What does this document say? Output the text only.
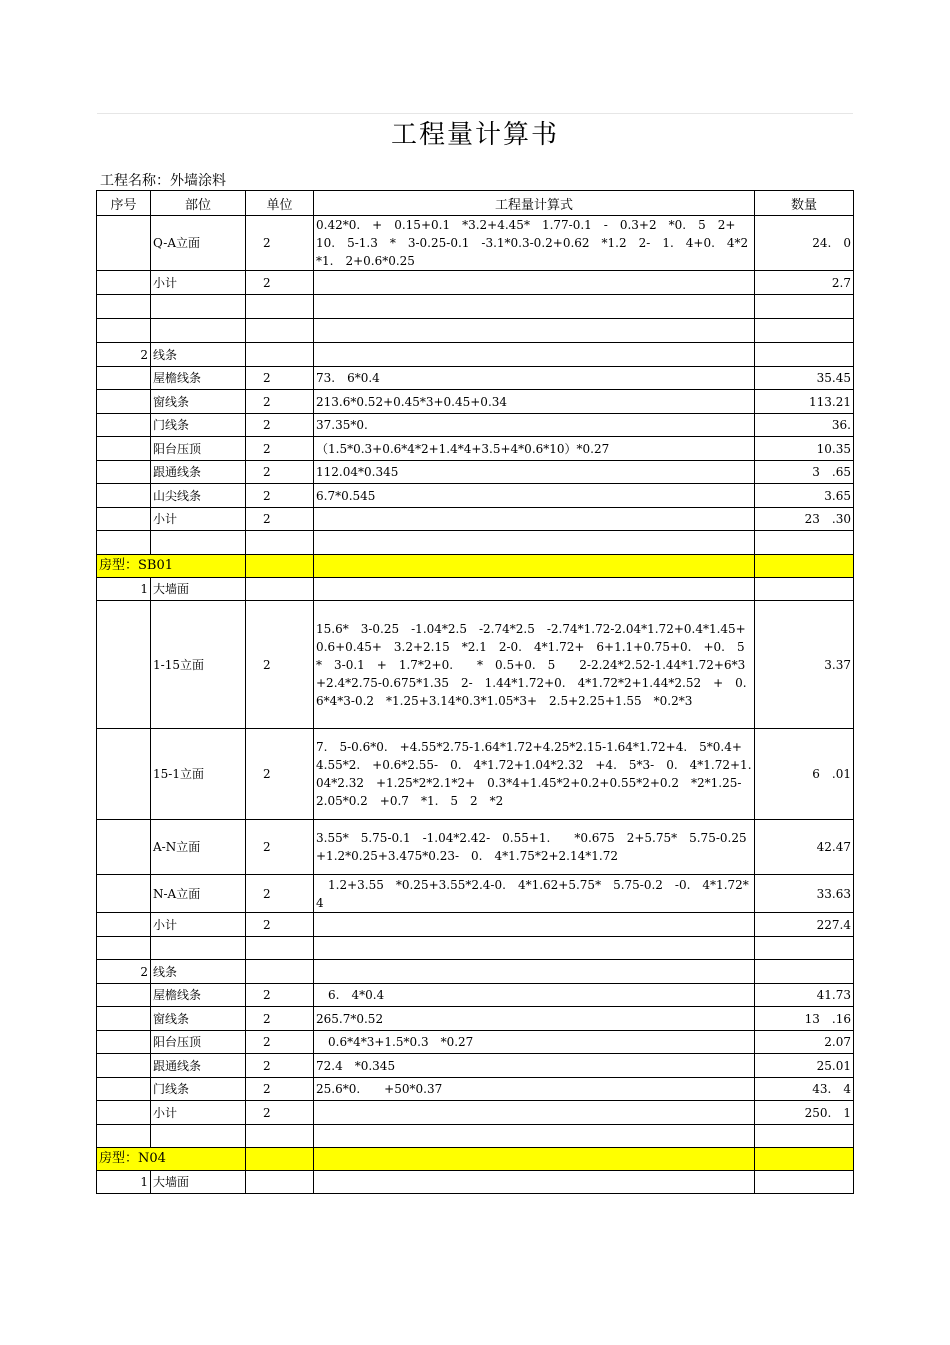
工程量计算书
工程名称：外墙涂料
序号	部位	单位	工程量计算式	数量
	Q-A立面	2	0.42*0.　+　0.15+0.1　*3.2+4.45*　1.77-0.1　-　0.3+2　*0.　5　2+　10.　5-1.3　*　3-0.25-0.1　-3.1*0.3-0.2+0.62　*1.2　2-　1.　4+0.　4*2　*1.　2+0.6*0.25	24.　0
	小计	2		2.7

2	线条			
	屋檐线条	2	73.　6*0.4	35.45
	窗线条	2	213.6*0.52+0.45*3+0.45+0.34	113.21
	门线条	2	37.35*0.	36.
	阳台压顶	2	（1.5*0.3+0.6*4*2+1.4*4+3.5+4*0.6*10）*0.27	10.35
	跟通线条	2	112.04*0.345	3　.65
	山尖线条	2	6.7*0.545	3.65
	小计	2		23　.30

房型：SB01				
1	大墙面			
	1-15立面	2	15.6*　3-0.25　-1.04*2.5　-2.74*2.5　-2.74*1.72-2.04*1.72+0.4*1.45+0.6+0.45+　3.2+2.15　*2.1　2-0.　4*1.72+　6+1.1+0.75+0.　+0.　5　*　3-0.1　+　1.7*2+0.　　*　0.5+0.　5　　2-2.24*2.52-1.44*1.72+6*3+2.4*2.75-0.675*1.35　2-　1.44*1.72+0.　4*1.72*2+1.44*2.52　+　0.6*4*3-0.2　*1.25+3.14*0.3*1.05*3+　2.5+2.25+1.55　*0.2*3	3.37
	15-1立面	2	7.　5-0.6*0.　+4.55*2.75-1.64*1.72+4.25*2.15-1.64*1.72+4.　5*0.4+4.55*2.　+0.6*2.55-　0.　4*1.72+1.04*2.32　+4.　5*3-　0.　4*1.72+1.04*2.32　+1.25*2*2.1*2+　0.3*4+1.45*2+0.2+0.55*2+0.2　*2*1.25-　2.05*0.2　+0.7　*1.　5　2　*2	6　.01
	A-N立面	2	3.55*　5.75-0.1　-1.04*2.42-　0.55+1.　　*0.675　2+5.75*　5.75-0.25　+1.2*0.25+3.475*0.23-　0.　4*1.75*2+2.14*1.72	42.47
	N-A立面	2	　1.2+3.55　*0.25+3.55*2.4-0.　4*1.62+5.75*　5.75-0.2　-0.　4*1.72*4	33.63
	小计	2		227.4

2	线条			
	屋檐线条	2	　6.　4*0.4	41.73
	窗线条	2	265.7*0.52	13　.16
	阳台压顶	2	　0.6*4*3+1.5*0.3　*0.27	2.07
	跟通线条	2	72.4　*0.345	25.01
	门线条	2	25.6*0.　　+50*0.37	43.　4
	小计	2		250.　1

房型：N04				
1	大墙面			
